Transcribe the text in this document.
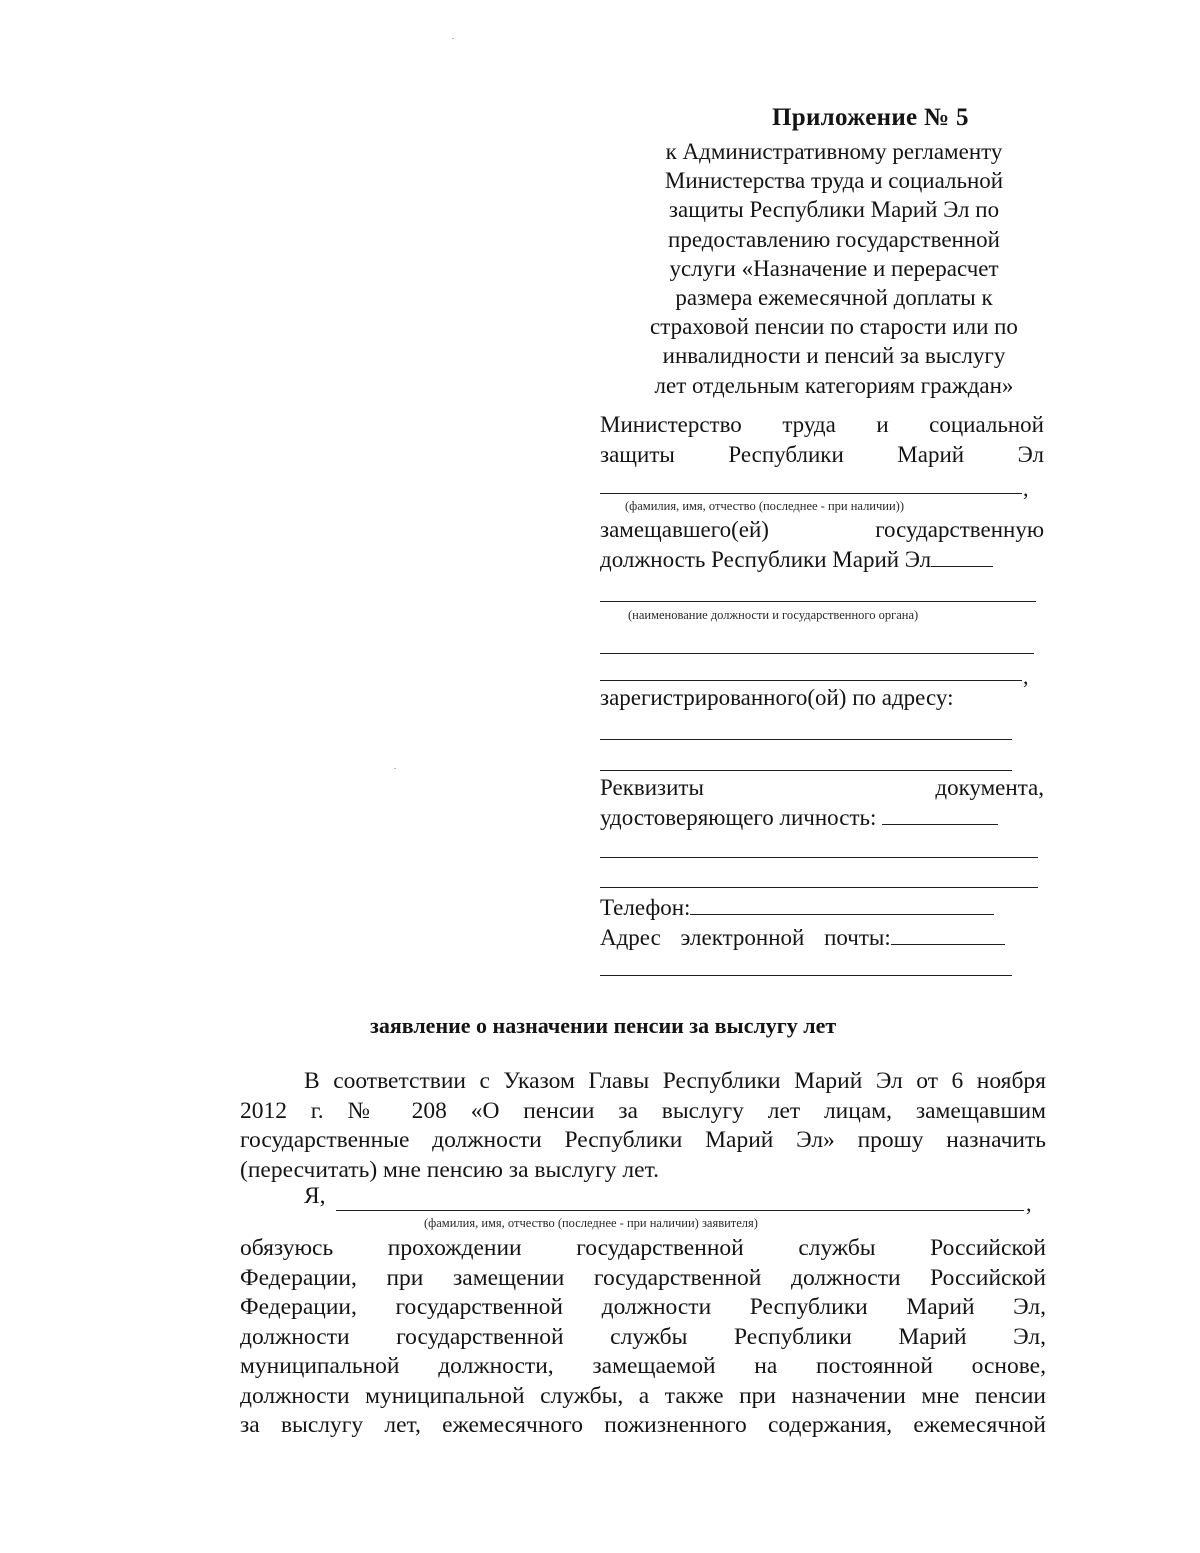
Приложение № 5
к Административному регламенту
Министерства труда и социальной
защиты Республики Марий Эл по
предоставлению государственной
услуги «Назначение и перерасчет
размера ежемесячной доплаты к
страховой пенсии по старости или по
инвалидности и пенсий за выслугу
лет отдельным категориям граждан»
Министерство труда и социальной
защиты Республики Марий Эл
,
(фамилия, имя, отчество (последнее - при наличии))
замещавшего(ей) государственную
должность Республики Марий Эл
(наименование должности и государственного органа)
,
зарегистрированного(ой) по адресу:
Реквизиты документа,
удостоверяющего личность:
Телефон:
Адрес электронной почты:
заявление о назначении пенсии за выслугу лет
В соответствии с Указом Главы Республики Марий Эл от 6 ноября
2012 г. № 208 «О пенсии за выслугу лет лицам, замещавшим
государственные должности Республики Марий Эл» прошу назначить
(пересчитать) мне пенсию за выслугу лет.
Я,	,
(фамилия, имя, отчество (последнее - при наличии) заявителя)
обязуюсь прохождении государственной службы Российской
Федерации, при замещении государственной должности Российской
Федерации, государственной должности Республики Марий Эл,
должности государственной службы Республики Марий Эл,
муниципальной должности, замещаемой на постоянной основе,
должности муниципальной службы, а также при назначении мне пенсии
за выслугу лет, ежемесячного пожизненного содержания, ежемесячной
